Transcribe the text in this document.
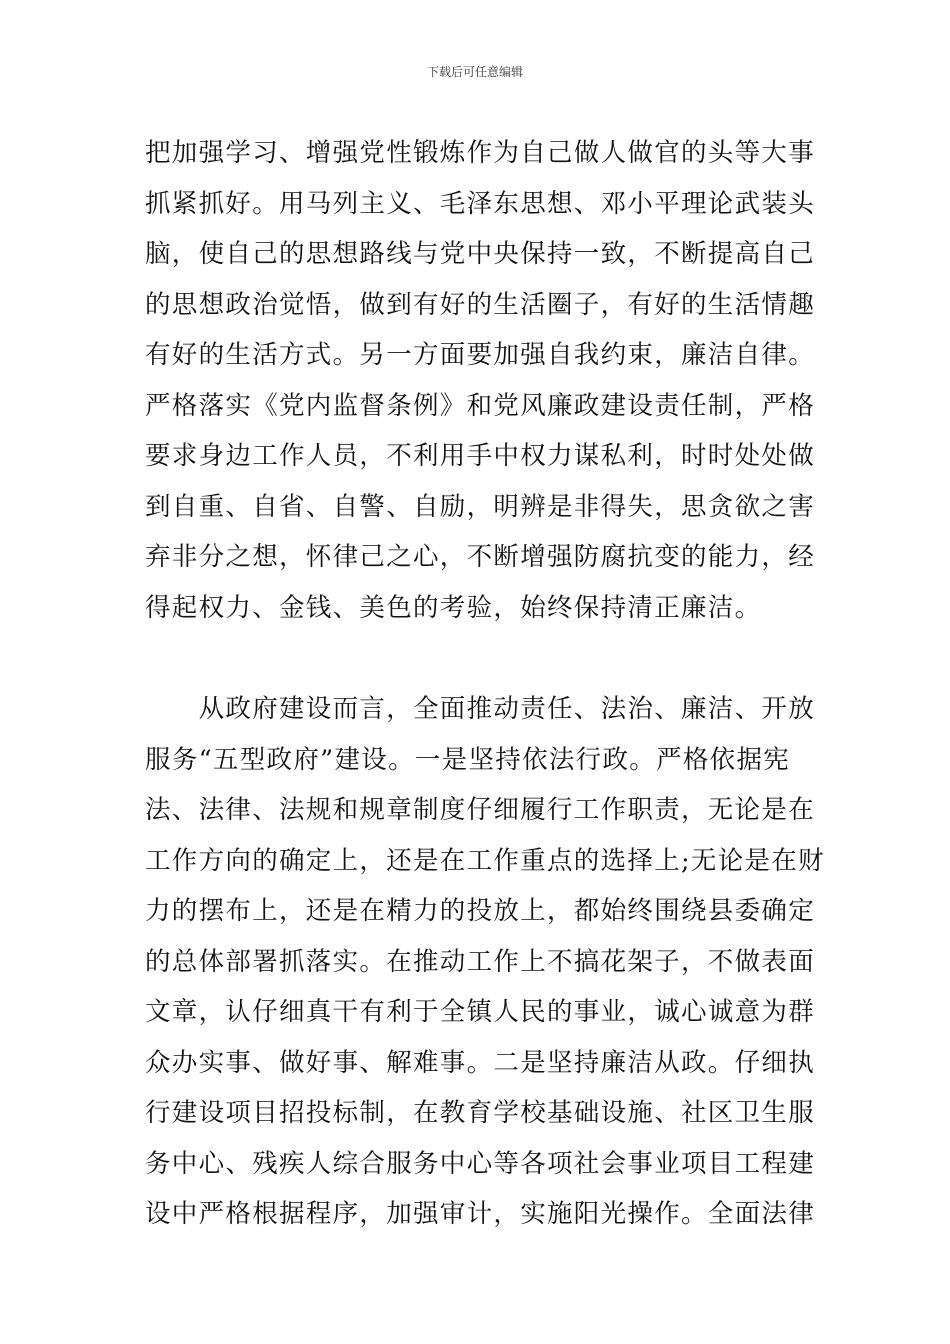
下载后可任意编辑
把加强学习、增强党性锻炼作为自己做人做官的头等大事
抓紧抓好。用马列主义、毛泽东思想、邓小平理论武装头
脑，使自己的思想路线与党中央保持一致，不断提高自己
的思想政治觉悟，做到有好的生活圈子，有好的生活情趣
有好的生活方式。另一方面要加强自我约束，廉洁自律。
严格落实《党内监督条例》和党风廉政建设责任制，严格
要求身边工作人员，不利用手中权力谋私利，时时处处做
到自重、自省、自警、自励，明辨是非得失，思贪欲之害
弃非分之想，怀律己之心，不断增强防腐抗变的能力，经
得起权力、金钱、美色的考验，始终保持清正廉洁。
　　从政府建设而言，全面推动责任、法治、廉洁、开放
服务“五型政府”建设。一是坚持依法行政。严格依据宪
法、法律、法规和规章制度仔细履行工作职责，无论是在
工作方向的确定上，还是在工作重点的选择上;无论是在财
力的摆布上，还是在精力的投放上，都始终围绕县委确定
的总体部署抓落实。在推动工作上不搞花架子，不做表面
文章，认仔细真干有利于全镇人民的事业，诚心诚意为群
众办实事、做好事、解难事。二是坚持廉洁从政。仔细执
行建设项目招投标制，在教育学校基础设施、社区卫生服
务中心、残疾人综合服务中心等各项社会事业项目工程建
设中严格根据程序，加强审计，实施阳光操作。全面法律
